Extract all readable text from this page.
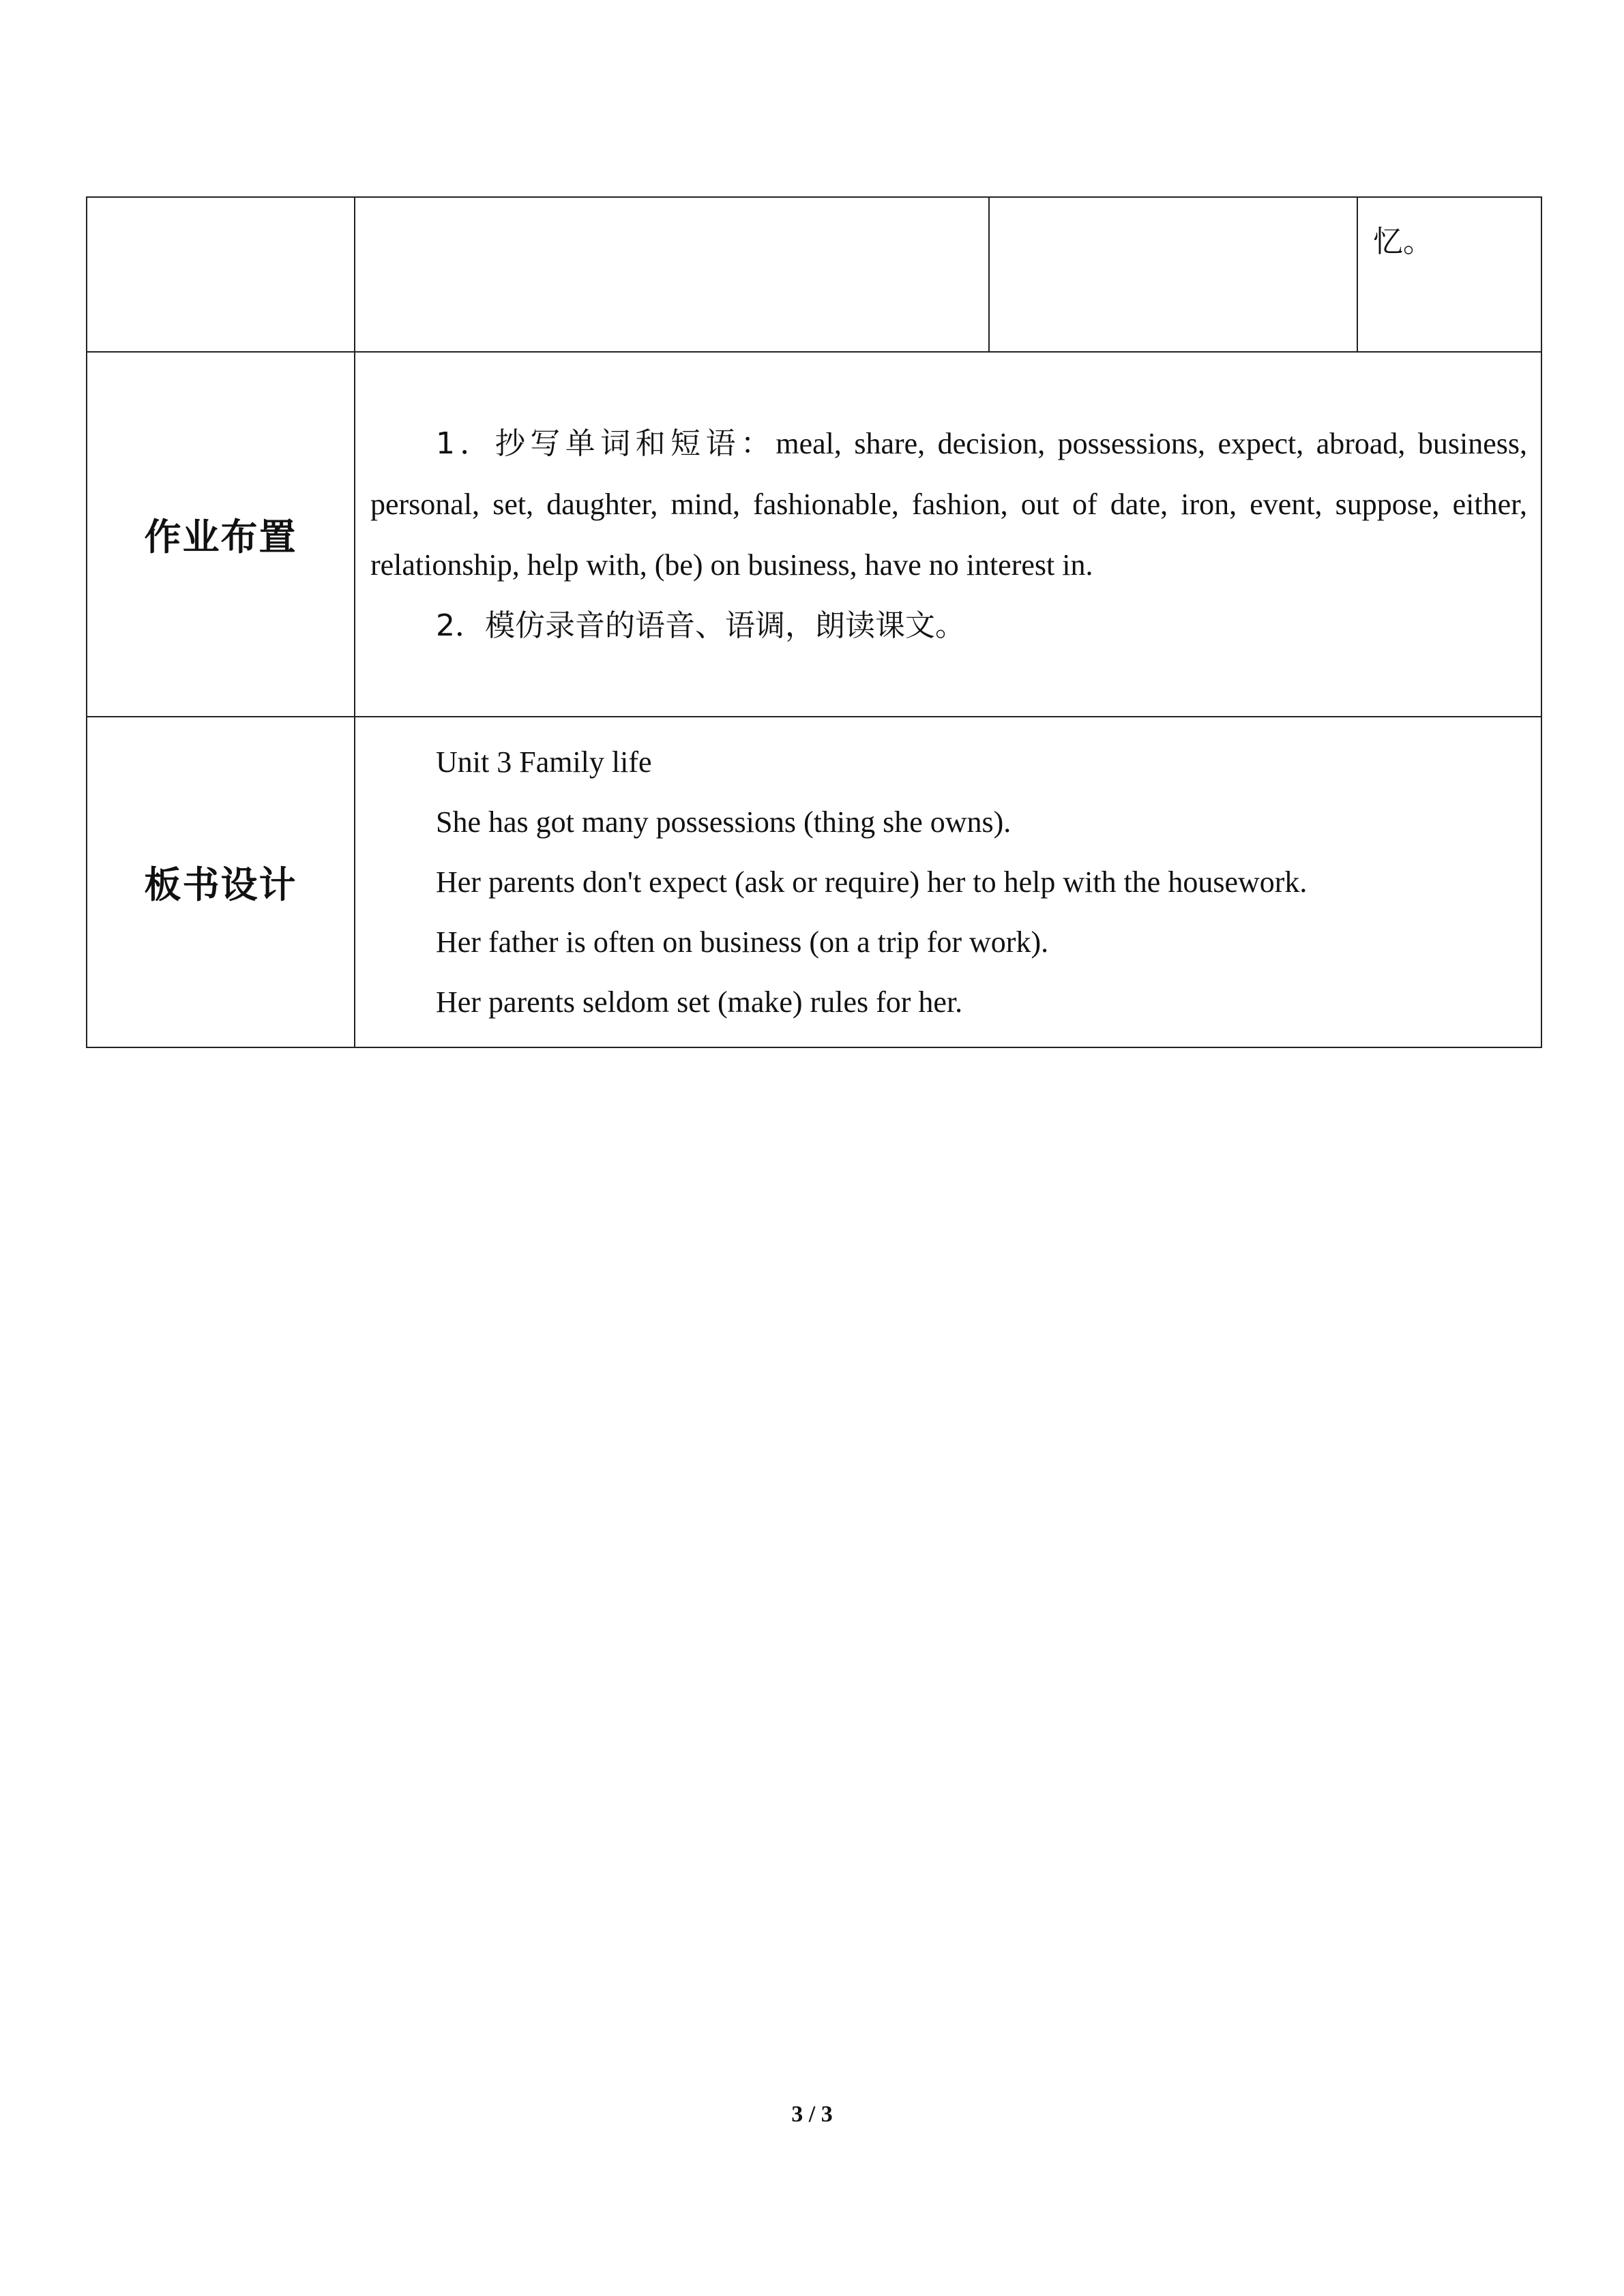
			忆。

作业布置	1．抄写单词和短语：meal, share, decision, possessions, expect, abroad, business, personal, set, daughter, mind, fashionable, fashion, out of date, iron, event, suppose, either, relationship, help with, (be) on business, have no interest in.

2．模仿录音的语音、语调，朗读课文。		

板书设计	Unit 3 Family life

She has got many possessions (thing she owns).

Her parents don't expect (ask or require) her to help with the housework.

Her father is often on business (on a trip for work).

Her parents seldom set (make) rules for her.		

3 / 3
